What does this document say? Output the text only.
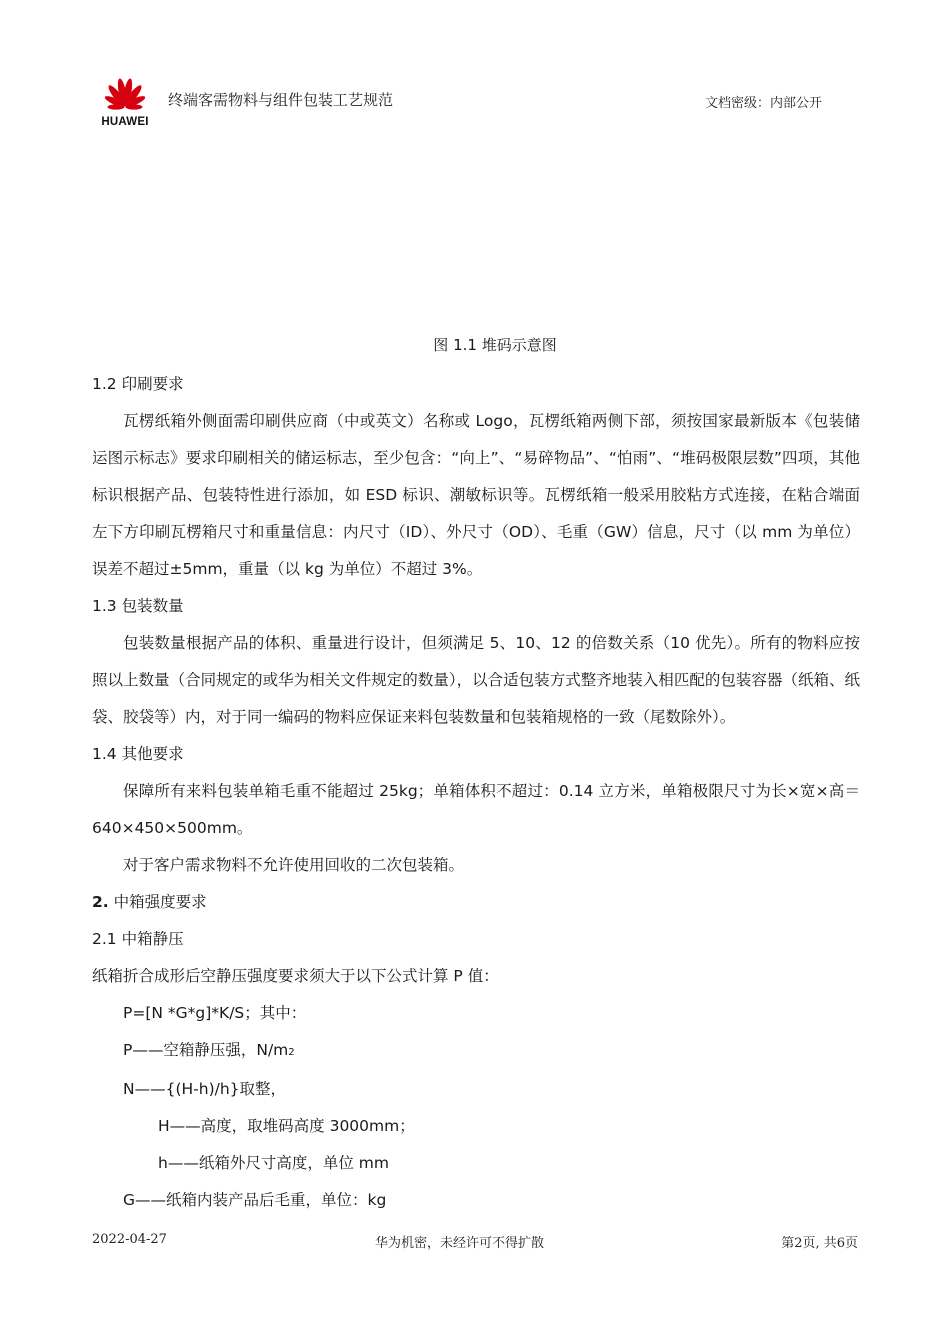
HUAWEI
终端客需物料与组件包装工艺规范	文档密级：内部公开
图 1.1 堆码示意图

1.2 印刷要求

瓦楞纸箱外侧面需印刷供应商（中或英文）名称或 Logo，瓦楞纸箱两侧下部，须按国家最新版本《包装储运图示标志》要求印刷相关的储运标志，至少包含：“向上”、“易碎物品”、“怕雨”、“堆码极限层数”四项，其他标识根据产品、包装特性进行添加，如 ESD 标识、潮敏标识等。瓦楞纸箱一般采用胶粘方式连接，在粘合端面左下方印刷瓦楞箱尺寸和重量信息：内尺寸（ID）、外尺寸（OD）、毛重（GW）信息，尺寸（以 mm 为单位）误差不超过±5mm，重量（以 kg 为单位）不超过 3%。

1.3 包装数量

包装数量根据产品的体积、重量进行设计，但须满足 5、10、12 的倍数关系（10 优先）。所有的物料应按照以上数量（合同规定的或华为相关文件规定的数量），以合适包装方式整齐地装入相匹配的包装容器（纸箱、纸袋、胶袋等）内，对于同一编码的物料应保证来料包装数量和包装箱规格的一致（尾数除外）。

1.4 其他要求

保障所有来料包装单箱毛重不能超过 25kg；单箱体积不超过：0.14 立方米，单箱极限尺寸为长×宽×高＝640×450×500mm。

对于客户需求物料不允许使用回收的二次包装箱。

2. 中箱强度要求

2.1 中箱静压

纸箱折合成形后空静压强度要求须大于以下公式计算 P 值：

P=[N *G*g]*K/S；其中：

P——空箱静压强，N/m2

N——{(H-h)/h}取整，

H——高度，取堆码高度 3000mm；

h——纸箱外尺寸高度，单位 mm

G——纸箱内装产品后毛重，单位：kg

2022-04-27	华为机密，未经许可不得扩散	第2页, 共6页
